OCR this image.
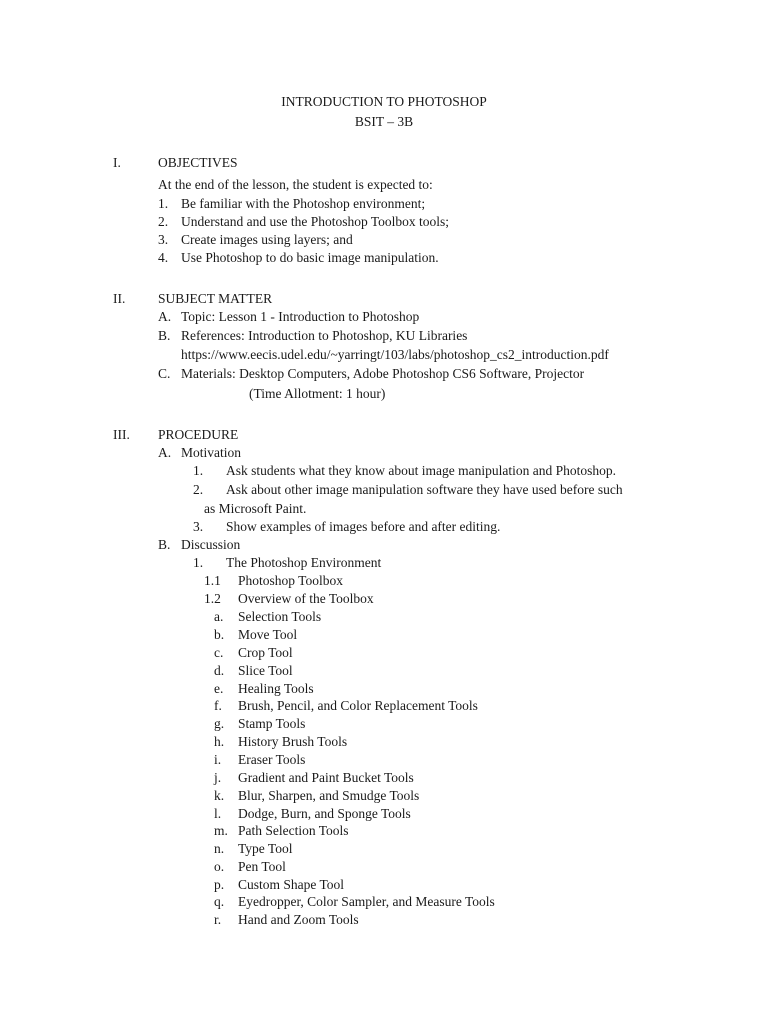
INTRODUCTION TO PHOTOSHOP
BSIT – 3B
I.	OBJECTIVES
At the end of the lesson, the student is expected to:
1. Be familiar with the Photoshop environment;
2. Understand and use the Photoshop Toolbox tools;
3. Create images using layers; and
4. Use Photoshop to do basic image manipulation.
II. SUBJECT MATTER
A. Topic: Lesson 1 - Introduction to Photoshop
B. References: Introduction to Photoshop, KU Libraries
https://www.eecis.udel.edu/~yarringt/103/labs/photoshop_cs2_introduction.pdf
C. Materials: Desktop Computers, Adobe Photoshop CS6 Software, Projector
(Time Allotment: 1 hour)
III. PROCEDURE
A. Motivation
1. Ask students what they know about image manipulation and Photoshop.
2. Ask about other image manipulation software they have used before such
as Microsoft Paint.
3. Show examples of images before and after editing.
B. Discussion
1. The Photoshop Environment
1.1 Photoshop Toolbox
1.2 Overview of the Toolbox
a. Selection Tools
b. Move Tool
c. Crop Tool
d. Slice Tool
e. Healing Tools
f. Brush, Pencil, and Color Replacement Tools
g. Stamp Tools
h. History Brush Tools
i. Eraser Tools
j. Gradient and Paint Bucket Tools
k. Blur, Sharpen, and Smudge Tools
l. Dodge, Burn, and Sponge Tools
m. Path Selection Tools
n. Type Tool
o. Pen Tool
p. Custom Shape Tool
q. Eyedropper, Color Sampler, and Measure Tools
r. Hand and Zoom Tools
